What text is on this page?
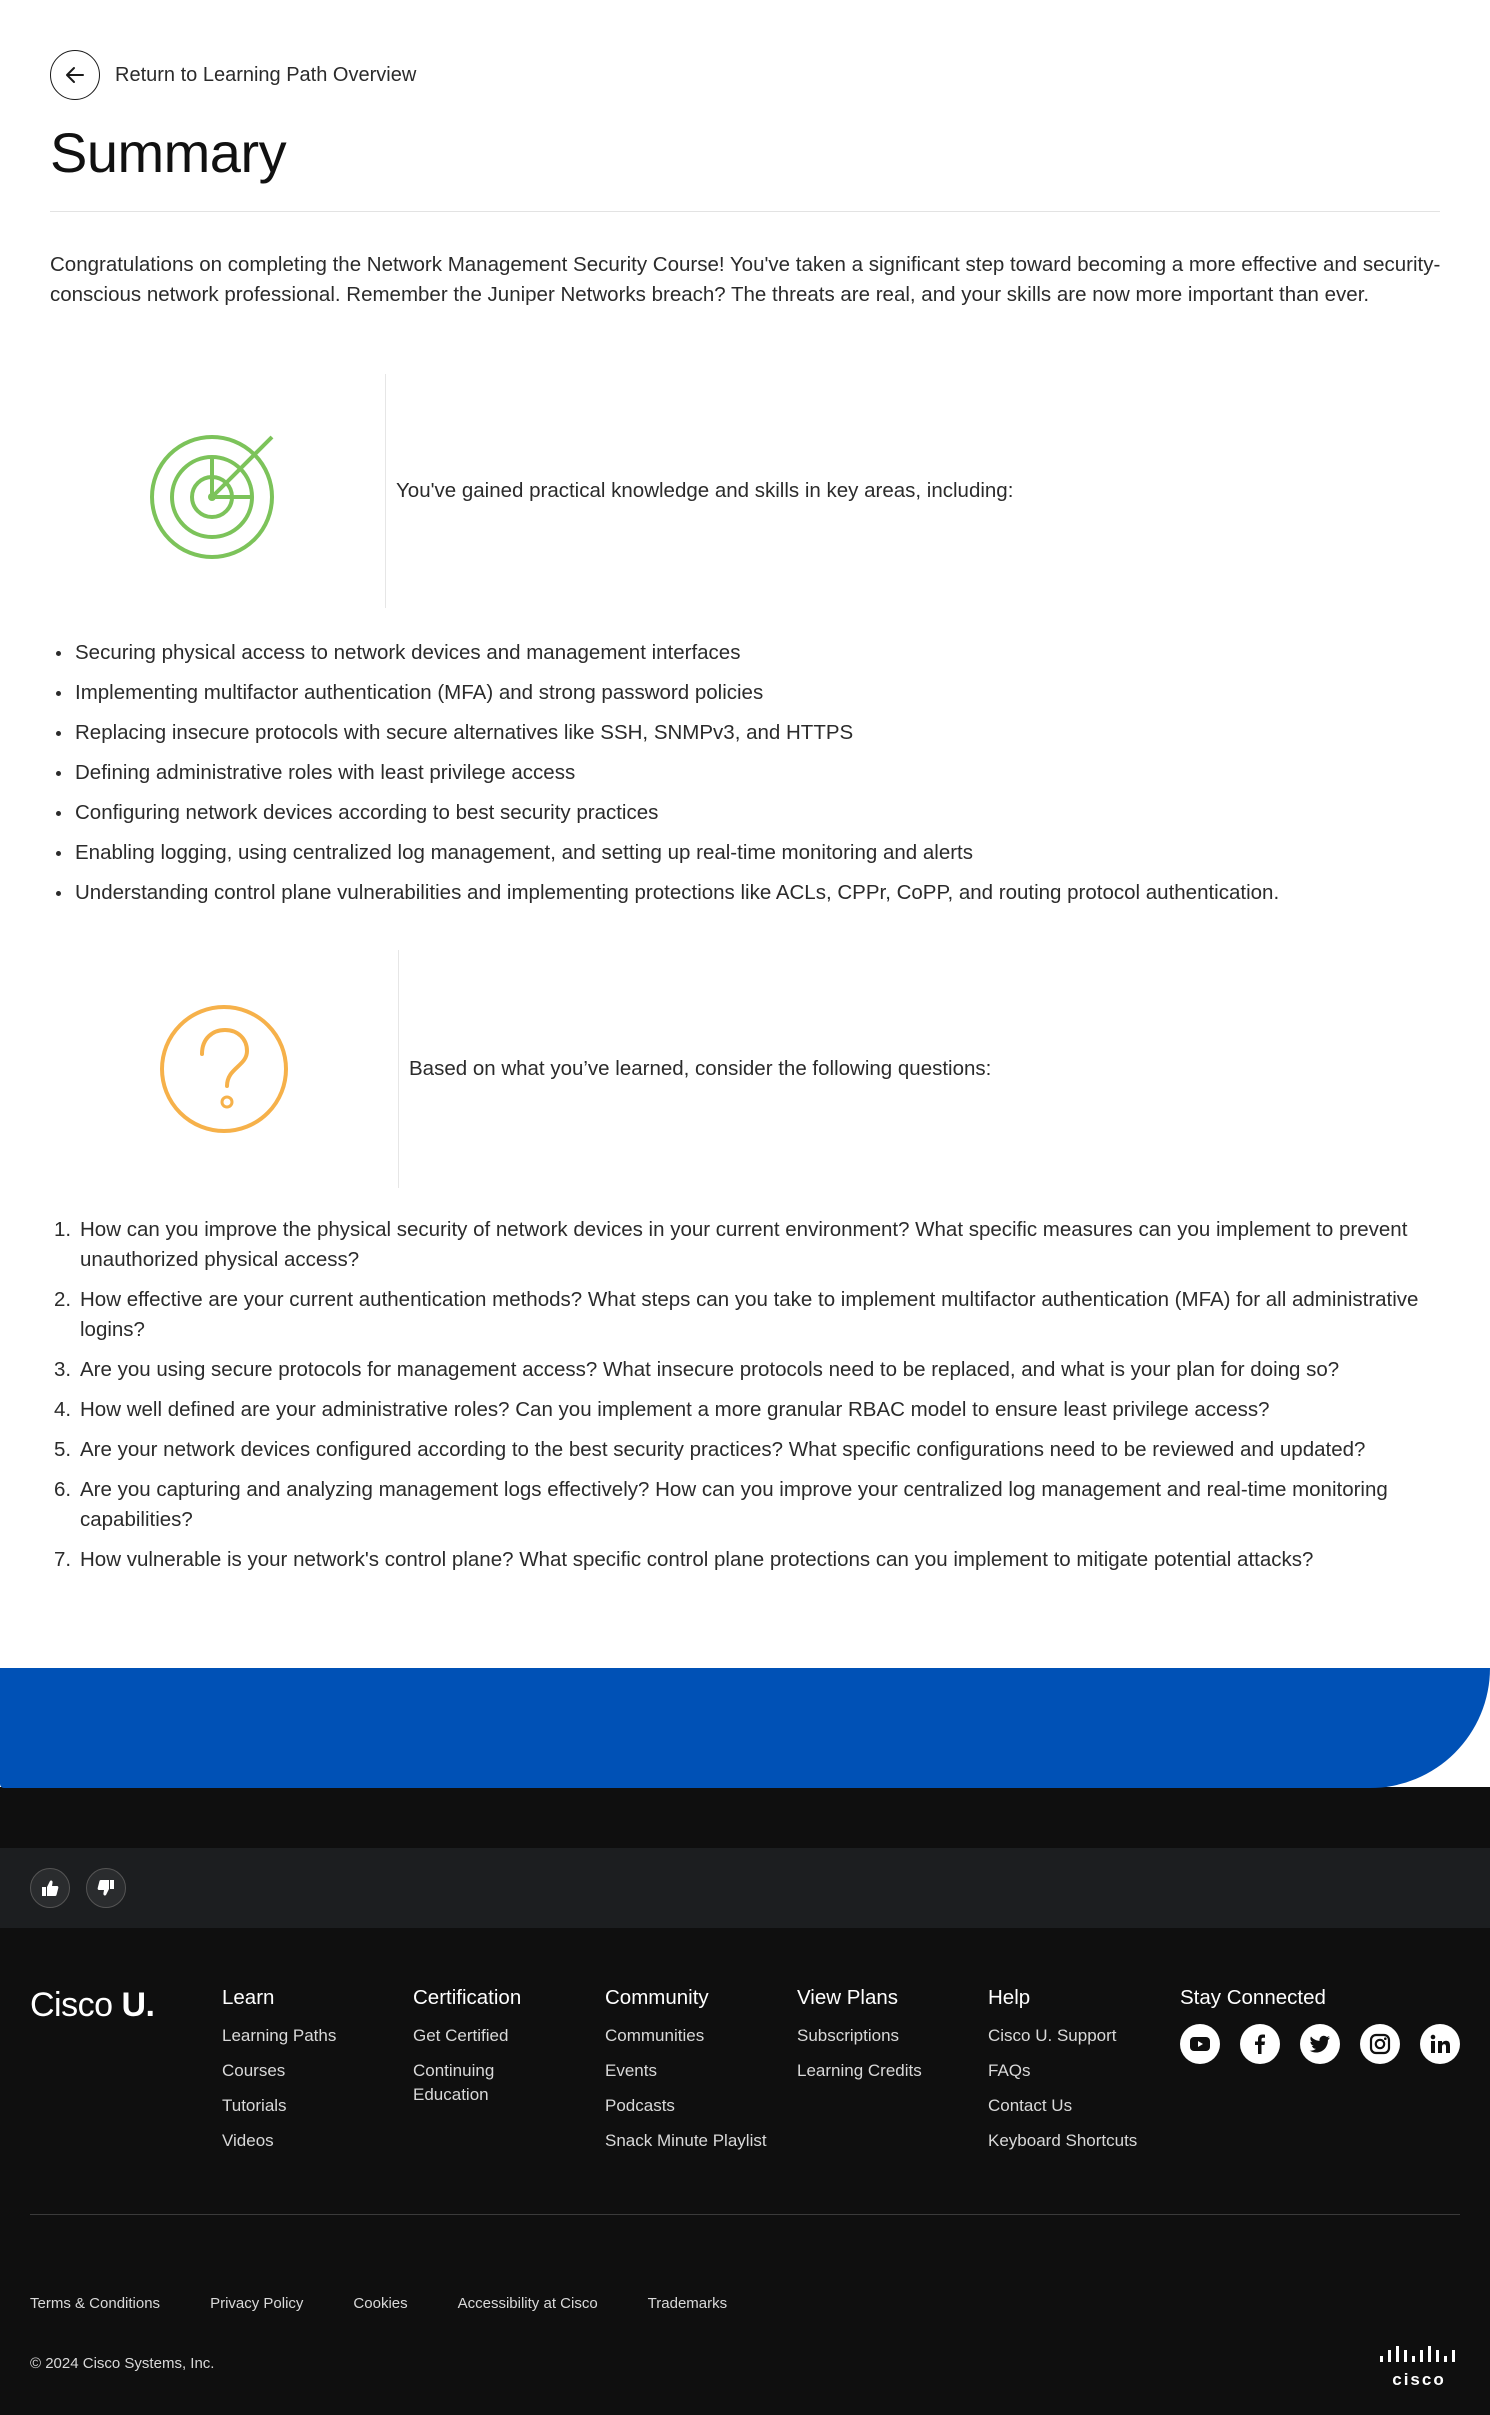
Return to Learning Path Overview
Summary

Congratulations on completing the Network Management Security Course! You've taken a significant step toward becoming a more effective and security-conscious network professional. Remember the Juniper Networks breach? The threats are real, and your skills are now more important than ever.

You've gained practical knowledge and skills in key areas, including:
Securing physical access to network devices and management interfaces
Implementing multifactor authentication (MFA) and strong password policies
Replacing insecure protocols with secure alternatives like SSH, SNMPv3, and HTTPS
Defining administrative roles with least privilege access
Configuring network devices according to best security practices
Enabling logging, using centralized log management, and setting up real-time monitoring and alerts
Understanding control plane vulnerabilities and implementing protections like ACLs, CPPr, CoPP, and routing protocol authentication.
Based on what you’ve learned, consider the following questions:
1. How can you improve the physical security of network devices in your current environment? What specific measures can you implement to prevent unauthorized physical access?
2. How effective are your current authentication methods? What steps can you take to implement multifactor authentication (MFA) for all administrative logins?
3. Are you using secure protocols for management access? What insecure protocols need to be replaced, and what is your plan for doing so?
4. How well defined are your administrative roles? Can you implement a more granular RBAC model to ensure least privilege access?
5. Are your network devices configured according to the best security practices? What specific configurations need to be reviewed and updated?
6. Are you capturing and analyzing management logs effectively? How can you improve your centralized log management and real-time monitoring capabilities?
7. How vulnerable is your network's control plane? What specific control plane protections can you implement to mitigate potential attacks?
Cisco U.	Learn
Learning Paths
Courses
Tutorials
Videos
Certification
Get Certified
Continuing Education
Community
Communities
Events
Podcasts
Snack Minute Playlist
View Plans
Subscriptions
Learning Credits
Help
Cisco U. Support
FAQs
Contact Us
Keyboard Shortcuts
Stay Connected
Terms & Conditions	Privacy Policy	Cookies	Accessibility at Cisco	Trademarks
© 2024 Cisco Systems, Inc.
cisco
